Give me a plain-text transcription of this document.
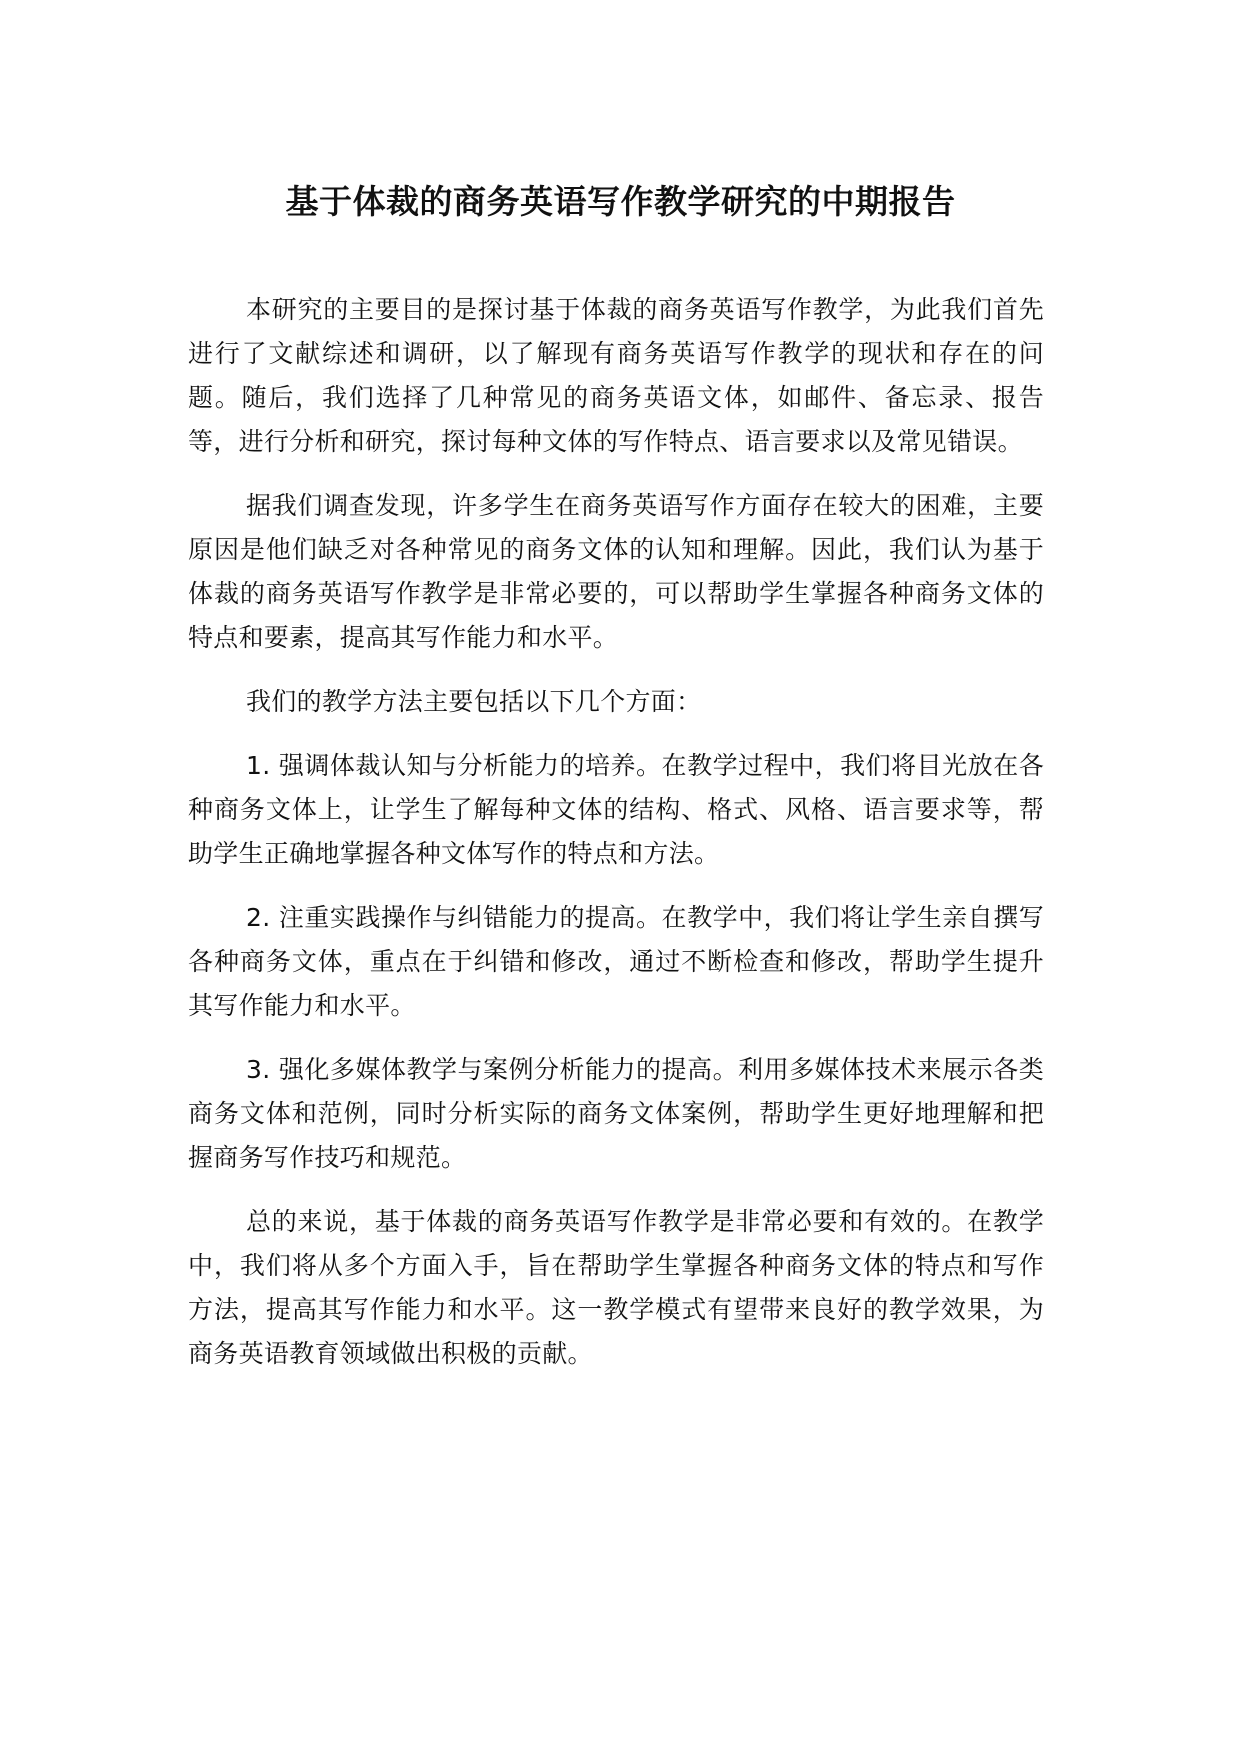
基于体裁的商务英语写作教学研究的中期报告

本研究的主要目的是探讨基于体裁的商务英语写作教学，为此我们首先进行了文献综述和调研，以了解现有商务英语写作教学的现状和存在的问题。随后，我们选择了几种常见的商务英语文体，如邮件、备忘录、报告等，进行分析和研究，探讨每种文体的写作特点、语言要求以及常见错误。

据我们调查发现，许多学生在商务英语写作方面存在较大的困难，主要原因是他们缺乏对各种常见的商务文体的认知和理解。因此，我们认为基于体裁的商务英语写作教学是非常必要的，可以帮助学生掌握各种商务文体的特点和要素，提高其写作能力和水平。

我们的教学方法主要包括以下几个方面：

1. 强调体裁认知与分析能力的培养。在教学过程中，我们将目光放在各种商务文体上，让学生了解每种文体的结构、格式、风格、语言要求等，帮助学生正确地掌握各种文体写作的特点和方法。

2. 注重实践操作与纠错能力的提高。在教学中，我们将让学生亲自撰写各种商务文体，重点在于纠错和修改，通过不断检查和修改，帮助学生提升其写作能力和水平。

3. 强化多媒体教学与案例分析能力的提高。利用多媒体技术来展示各类商务文体和范例，同时分析实际的商务文体案例，帮助学生更好地理解和把握商务写作技巧和规范。

总的来说，基于体裁的商务英语写作教学是非常必要和有效的。在教学中，我们将从多个方面入手，旨在帮助学生掌握各种商务文体的特点和写作方法，提高其写作能力和水平。这一教学模式有望带来良好的教学效果，为商务英语教育领域做出积极的贡献。
